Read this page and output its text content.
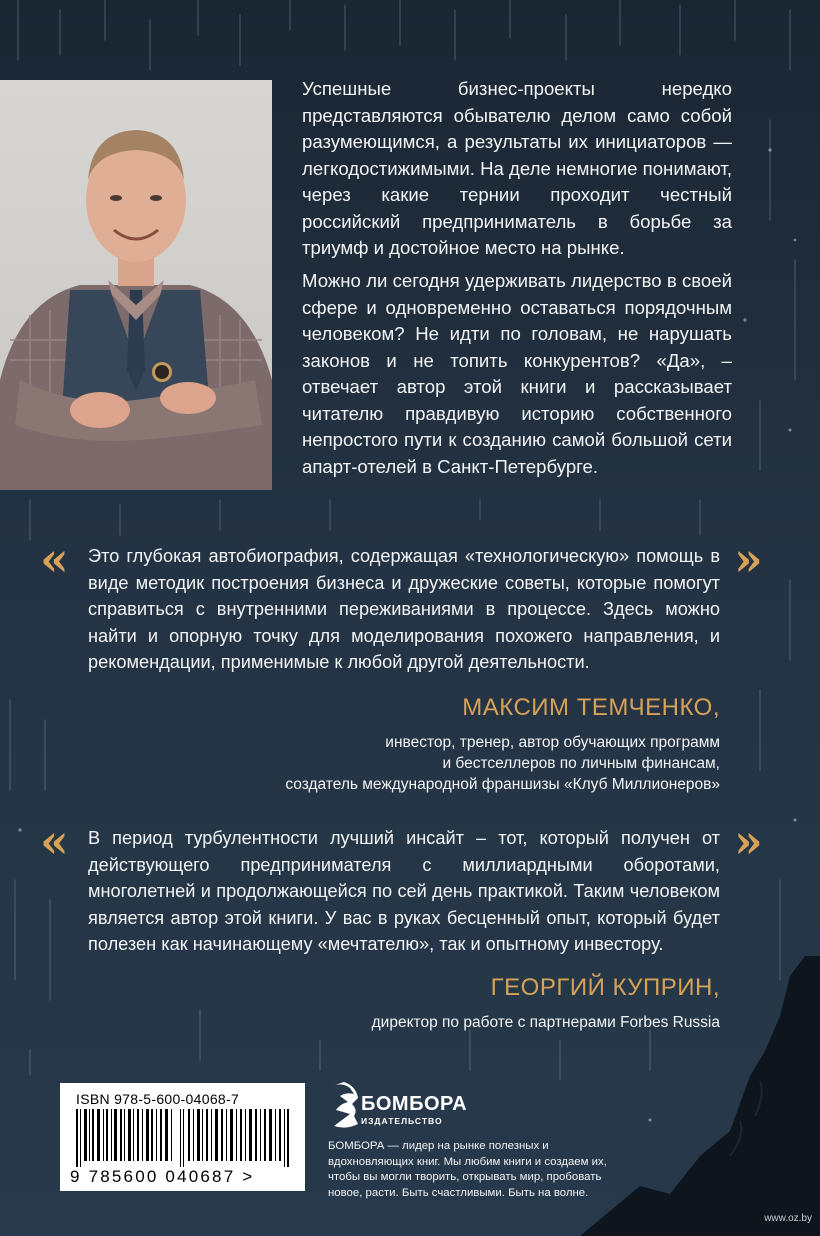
Успешные бизнес-проекты нередко представляются обывателю делом само собой разумеющимся, а результаты их инициаторов — легкодостижимыми. На деле немногие понимают, через какие тернии проходит честный российский предприниматель в борьбе за триумф и достойное место на рынке.

Можно ли сегодня удерживать лидерство в своей сфере и одновременно оставаться порядочным человеком? Не идти по головам, не нарушать законов и не топить конкурентов? «Да», – отвечает автор этой книги и рассказывает читателю правдивую историю собственного непростого пути к созданию самой большой сети апарт-отелей в Санкт-Петербурге.

«	»

Это глубокая автобиография, содержащая «технологическую» помощь в виде методик построения бизнеса и дружеские советы, которые помогут справиться с внутренними переживаниями в процессе. Здесь можно найти и опорную точку для моделирования похожего направления, и рекомендации, применимые к любой другой деятельности.

МАКСИМ ТЕМЧЕНКО,
инвестор, тренер, автор обучающих программ
и бестселлеров по личным финансам,
создатель международной франшизы «Клуб Миллионеров»
«	»

В период турбулентности лучший инсайт – тот, который получен от действующего предпринимателя с миллиардными оборотами, многолетней и продолжающейся по сей день практикой. Таким человеком является автор этой книги. У вас в руках бесценный опыт, который будет полезен как начинающему «мечтателю», так и опытному инвестору.

ГЕОРГИЙ КУПРИН,
директор по работе с партнерами Forbes Russia
ISBN 978-5-600-04068-7
9 785600 040687 >
БОМБОРА
ИЗДАТЕЛЬСТВО

БОМБОРА — лидер на рынке полезных и вдохновляющих книг. Мы любим книги и создаем их, чтобы вы могли творить, открывать мир, пробовать новое, расти. Быть счастливыми. Быть на волне.

www.oz.by
